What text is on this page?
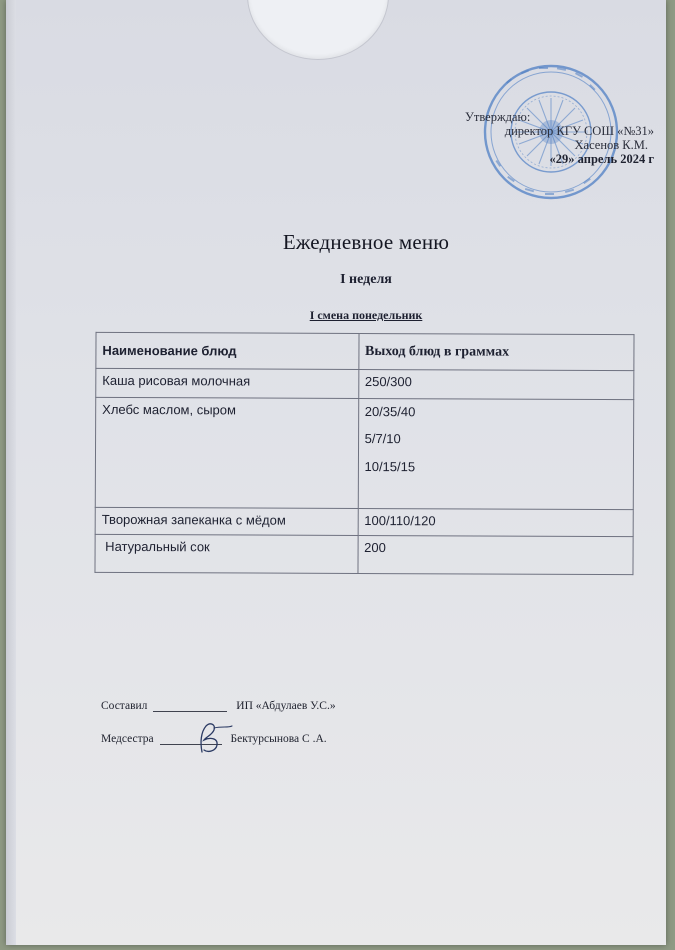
Утверждаю:
директор КГУ СОШ «№31»
Хасенов К.М.
«29» апрель 2024 г
Ежедневное меню
I неделя
I смена понедельник
Наименование блюд	Выход блюд в граммах
Каша рисовая молочная	250/300
Хлебс маслом, сыром	20/35/40
5/7/10
10/15/15

Творожная запеканка с мёдом	100/110/120
Натуральный сок	200
Составил	ИП «Абдулаев У.С.»
Медсестра	Бектурсынова С .А.
